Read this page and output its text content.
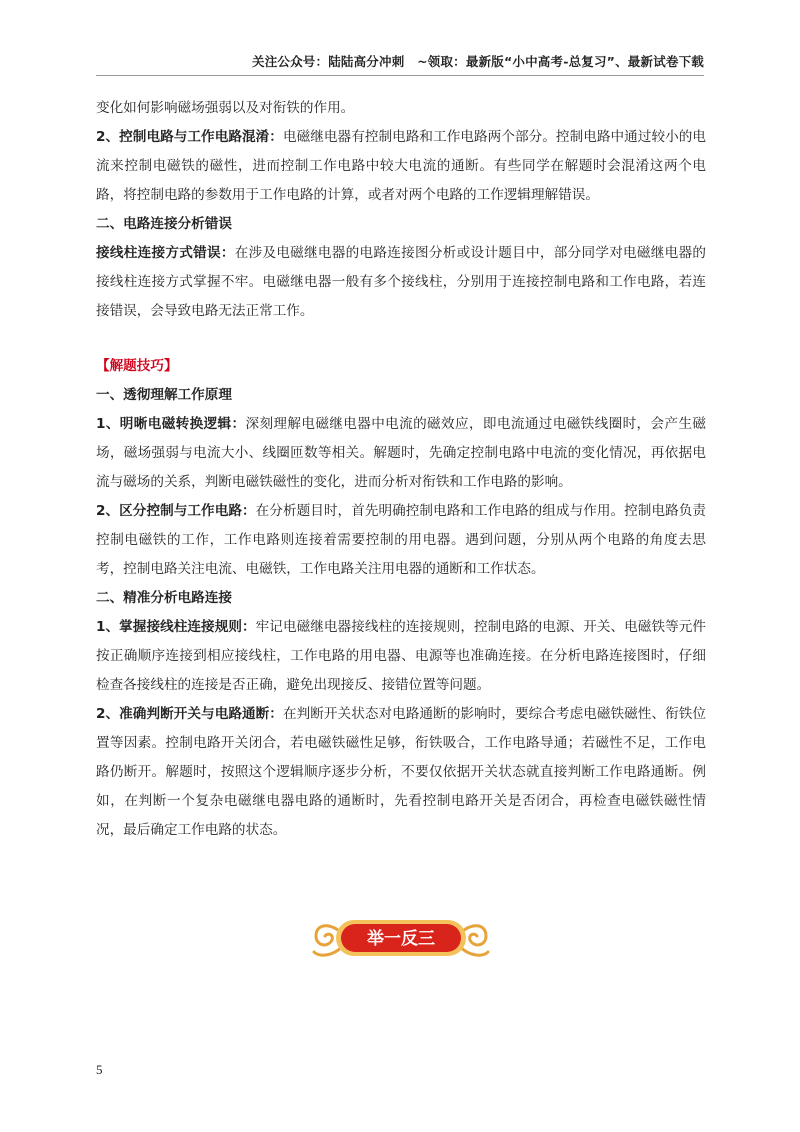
关注公众号：陆陆高分冲刺　~领取：最新版“小中高考-总复习”、最新试卷下载

变化如何影响磁场强弱以及对衔铁的作用。

2、控制电路与工作电路混淆：电磁继电器有控制电路和工作电路两个部分。控制电路中通过较小的电流来控制电磁铁的磁性，进而控制工作电路中较大电流的通断。有些同学在解题时会混淆这两个电路，将控制电路的参数用于工作电路的计算，或者对两个电路的工作逻辑理解错误。

二、电路连接分析错误

接线柱连接方式错误：在涉及电磁继电器的电路连接图分析或设计题目中，部分同学对电磁继电器的接线柱连接方式掌握不牢。电磁继电器一般有多个接线柱，分别用于连接控制电路和工作电路，若连接错误，会导致电路无法正常工作。

【解题技巧】

一、透彻理解工作原理

1、明晰电磁转换逻辑：深刻理解电磁继电器中电流的磁效应，即电流通过电磁铁线圈时，会产生磁场，磁场强弱与电流大小、线圈匝数等相关。解题时，先确定控制电路中电流的变化情况，再依据电流与磁场的关系，判断电磁铁磁性的变化，进而分析对衔铁和工作电路的影响。

2、区分控制与工作电路：在分析题目时，首先明确控制电路和工作电路的组成与作用。控制电路负责控制电磁铁的工作，工作电路则连接着需要控制的用电器。遇到问题，分别从两个电路的角度去思考，控制电路关注电流、电磁铁，工作电路关注用电器的通断和工作状态。

二、精准分析电路连接

1、掌握接线柱连接规则：牢记电磁继电器接线柱的连接规则，控制电路的电源、开关、电磁铁等元件按正确顺序连接到相应接线柱，工作电路的用电器、电源等也准确连接。在分析电路连接图时，仔细检查各接线柱的连接是否正确，避免出现接反、接错位置等问题。

2、准确判断开关与电路通断：在判断开关状态对电路通断的影响时，要综合考虑电磁铁磁性、衔铁位置等因素。控制电路开关闭合，若电磁铁磁性足够，衔铁吸合，工作电路导通；若磁性不足，工作电路仍断开。解题时，按照这个逻辑顺序逐步分析，不要仅依据开关状态就直接判断工作电路通断。例如，在判断一个复杂电磁继电器电路的通断时，先看控制电路开关是否闭合，再检查电磁铁磁性情况，最后确定工作电路的状态。

举一反三
5
